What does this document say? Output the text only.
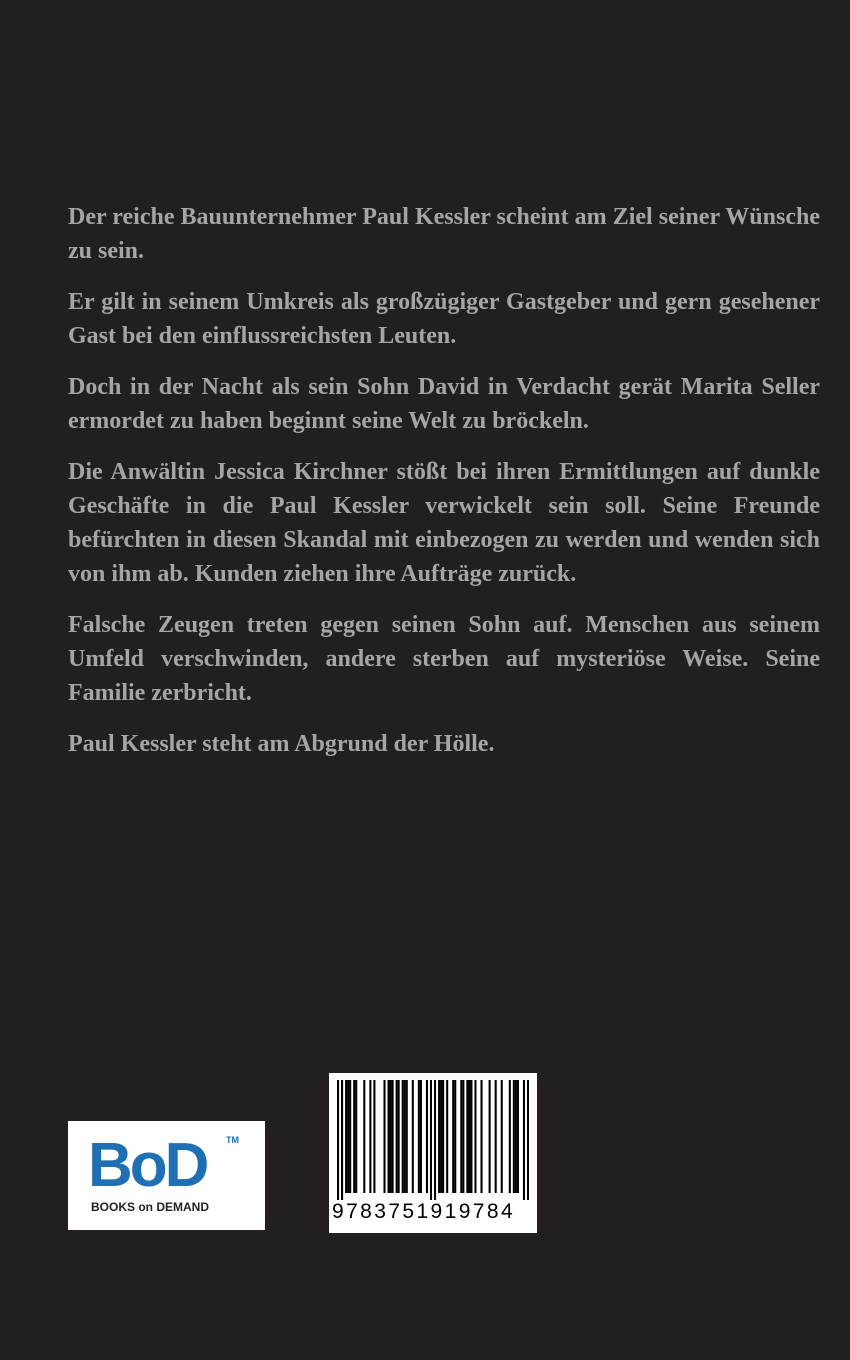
Der reiche Bauunternehmer Paul Kessler scheint am Ziel seiner Wünsche zu sein.

Er gilt in seinem Umkreis als großzügiger Gastgeber und gern gesehener Gast bei den einflussreichsten Leuten.

Doch in der Nacht als sein Sohn David in Verdacht gerät Marita Seller ermordet zu haben beginnt seine Welt zu bröckeln.

Die Anwältin Jessica Kirchner stößt bei ihren Ermittlungen auf dunkle Geschäfte in die Paul Kessler verwickelt sein soll. Seine Freunde befürchten in diesen Skandal mit einbezogen zu werden und wenden sich von ihm ab. Kunden ziehen ihre Aufträge zurück.

Falsche Zeugen treten gegen seinen Sohn auf. Menschen aus seinem Umfeld verschwinden, andere sterben auf mysteriöse Weise. Seine Familie zerbricht.

Paul Kessler steht am Abgrund der Hölle.

BoD TM
BOOKS on DEMAND	9783751919784
